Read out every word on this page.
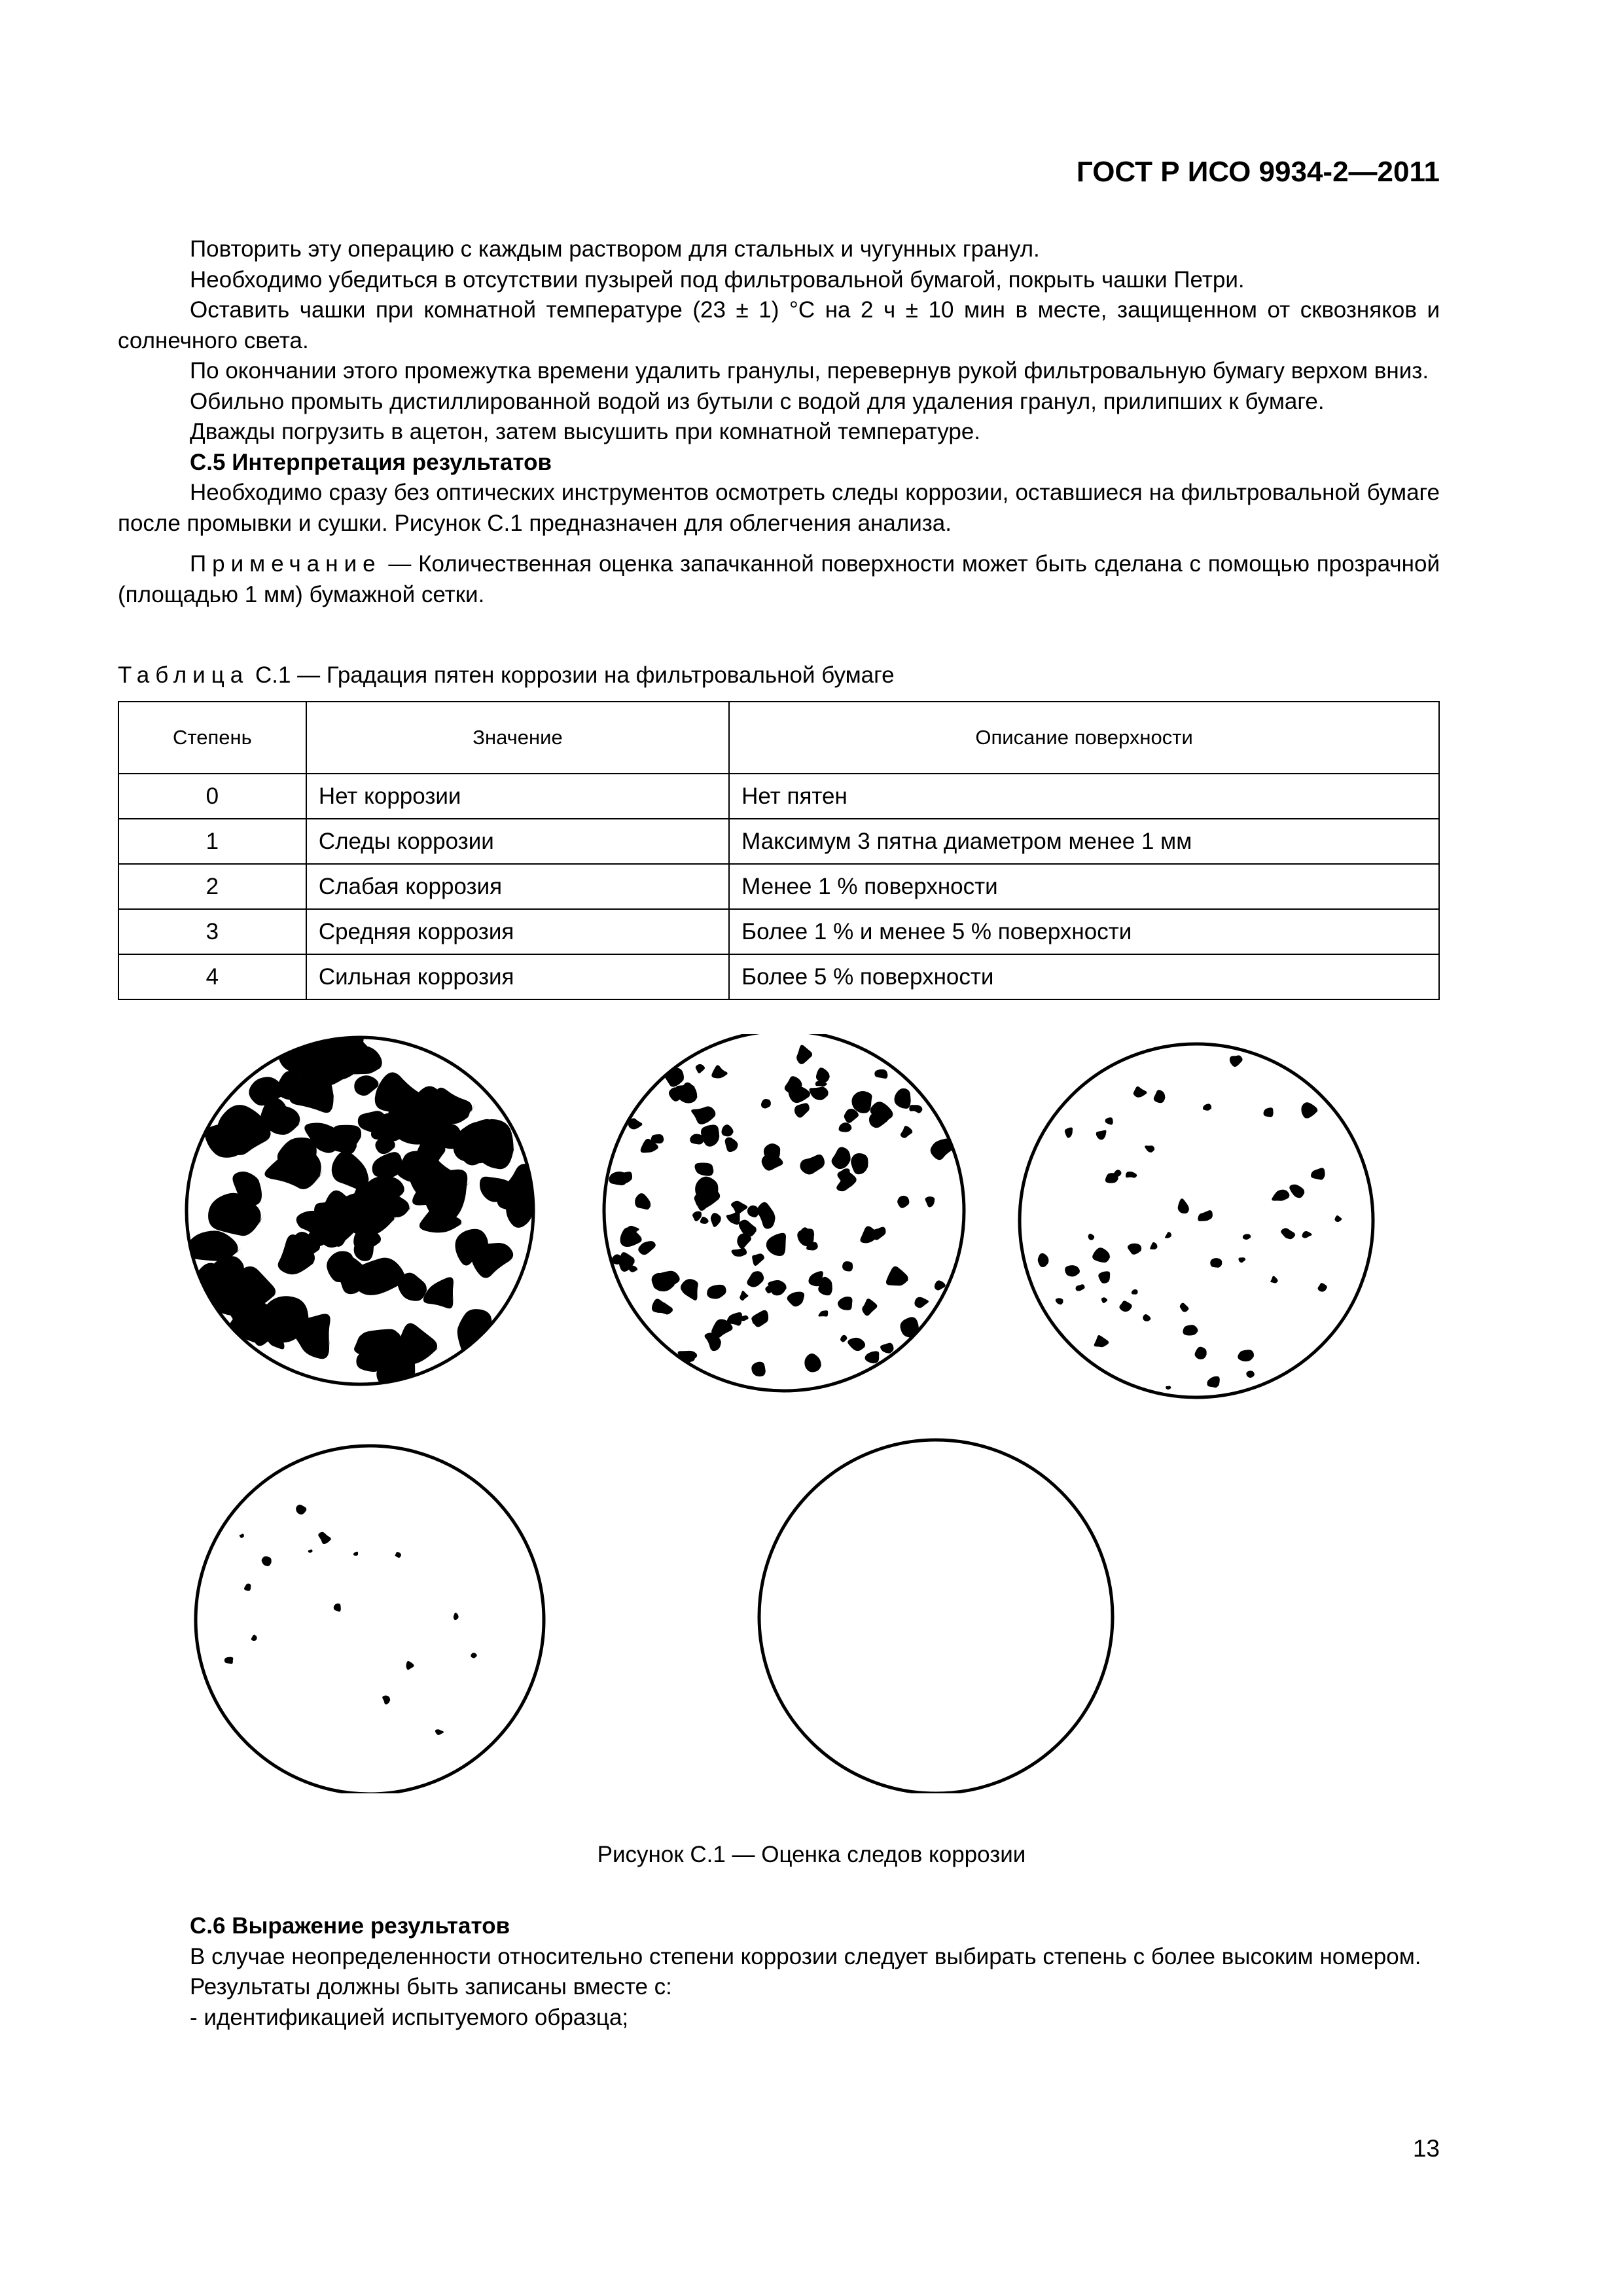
ГОСТ Р ИСО 9934-2—2011

Повторить эту операцию с каждым раствором для стальных и чугунных гранул.

Необходимо убедиться в отсутствии пузырей под фильтровальной бумагой, покрыть чашки Петри.

Оставить чашки при комнатной температуре (23 ± 1) °С на 2 ч ± 10 мин в месте, защищенном от сквозняков и солнечного света.

По окончании этого промежутка времени удалить гранулы, перевернув рукой фильтровальную бумагу верхом вниз.

Обильно промыть дистиллированной водой из бутыли с водой для удаления гранул, прилипших к бумаге.

Дважды погрузить в ацетон, затем высушить при комнатной температуре.

С.5 Интерпретация результатов

Необходимо сразу без оптических инструментов осмотреть следы коррозии, оставшиеся на фильтровальной бумаге после промывки и сушки. Рисунок С.1 предназначен для облегчения анализа.

Примечание — Количественная оценка запачканной поверхности может быть сделана с помощью прозрачной (площадью 1 мм) бумажной сетки.

Таблица С.1 — Градация пятен коррозии на фильтровальной бумаге
Степень	Значение	Описание поверхности
0	Нет коррозии	Нет пятен
1	Следы коррозии	Максимум 3 пятна диаметром менее 1 мм
2	Слабая коррозия	Менее 1 % поверхности
3	Средняя коррозия	Более 1 % и менее 5 % поверхности
4	Сильная коррозия	Более 5 % поверхности
Рисунок С.1 — Оценка следов коррозии

С.6 Выражение результатов

В случае неопределенности относительно степени коррозии следует выбирать степень с более высоким номером.

Результаты должны быть записаны вместе с:

- идентификацией испытуемого образца;

13
